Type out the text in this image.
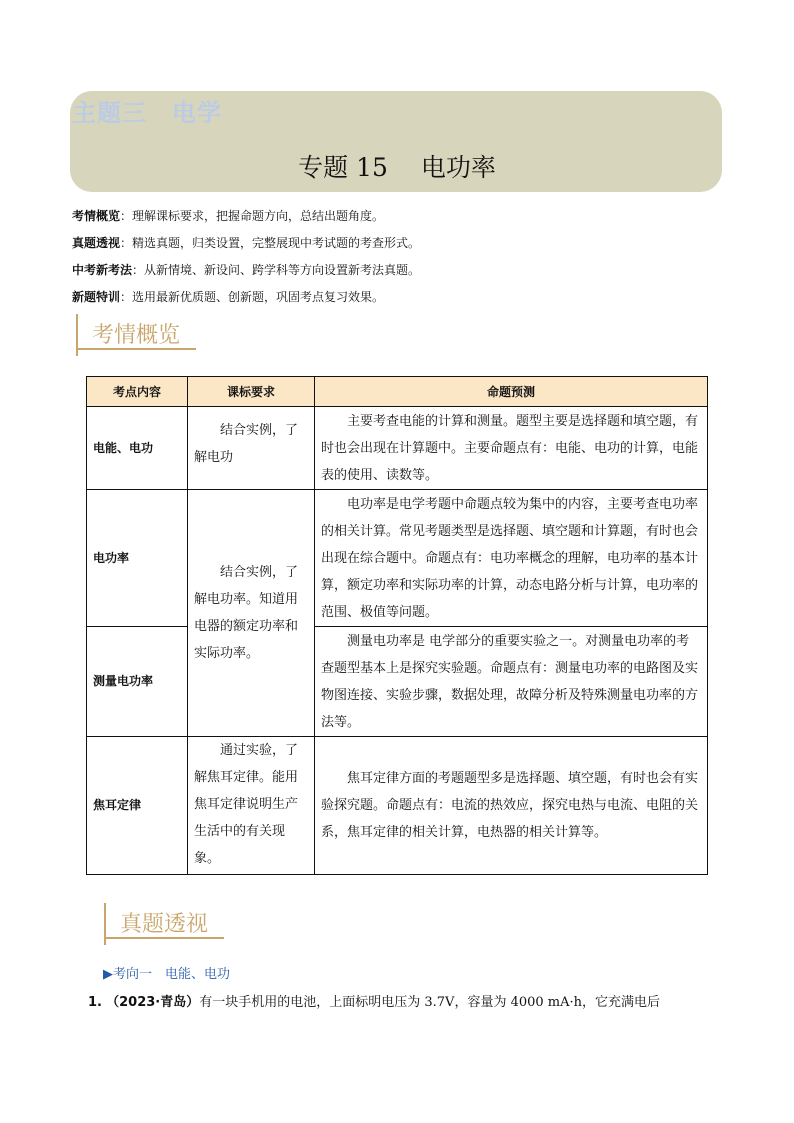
主题三　电学
专题 15　 电功率
考情概览：理解课标要求，把握命题方向，总结出题角度。
真题透视：精选真题，归类设置，完整展现中考试题的考查形式。
中考新考法：从新情境、新设问、跨学科等方向设置新考法真题。
新题特训：选用最新优质题、创新题，巩固考点复习效果。
考情概览
考点内容	课标要求	命题预测
电能、电功	结合实例，了解电功	主要考查电能的计算和测量。题型主要是选择题和填空题，有时也会出现在计算题中。主要命题点有：电能、电功的计算，电能表的使用、读数等。

电功率	结合实例，了解电功率。知道用电器的额定功率和实际功率。	电功率是电学考题中命题点较为集中的内容，主要考查电功率的相关计算。常见考题类型是选择题、填空题和计算题，有时也会出现在综合题中。命题点有：电功率概念的理解，电功率的基本计算，额定功率和实际功率的计算，动态电路分析与计算，电功率的范围、极值等问题。

测量电功率		测量电功率是 电学部分的重要实验之一。对测量电功率的考查题型基本上是探究实验题。命题点有：测量电功率的电路图及实物图连接、实验步骤，数据处理，故障分析及特殊测量电功率的方法等。

焦耳定律	通过实验，了解焦耳定律。能用焦耳定律说明生产生活中的有关现象。	焦耳定律方面的考题题型多是选择题、填空题，有时也会有实验探究题。命题点有：电流的热效应，探究电热与电流、电阻的关系，焦耳定律的相关计算，电热器的相关计算等。
真题透视
▶考向一　电能、电功
1. （2023·青岛）有一块手机用的电池，上面标明电压为 3.7V，容量为 4000 mA·h，它充满电后
